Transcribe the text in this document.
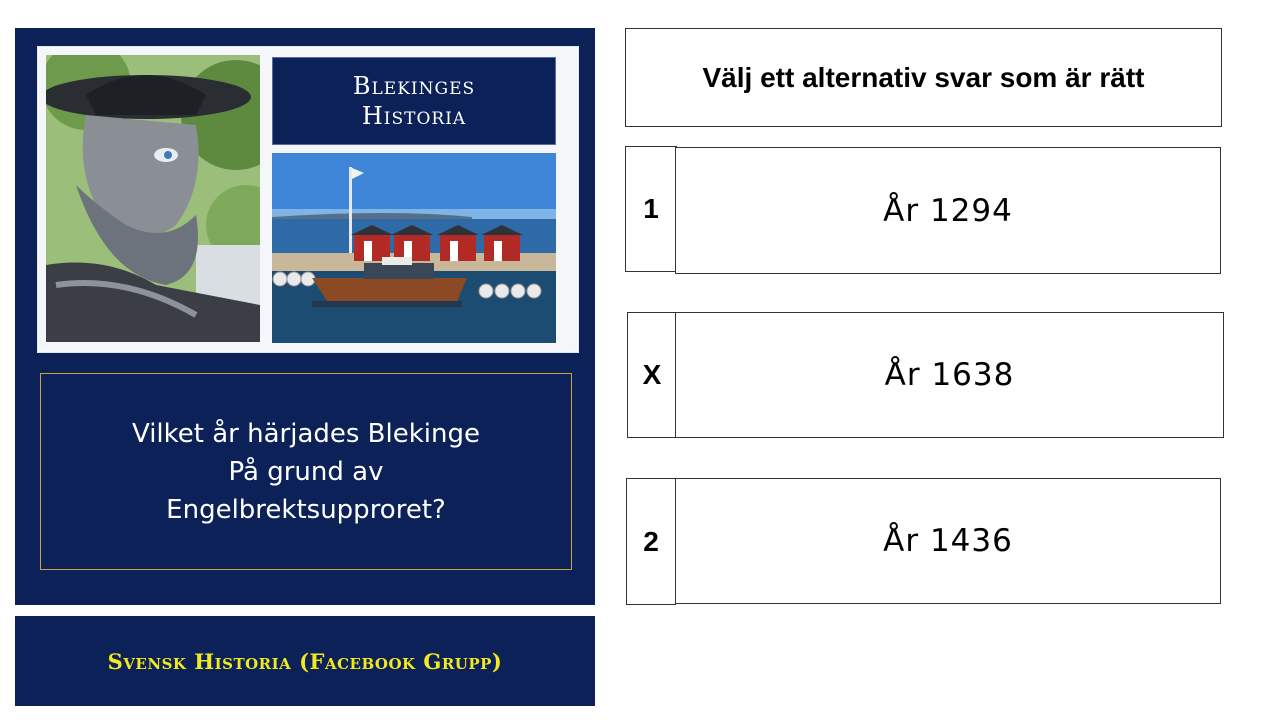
Blekinges
Historia
Vilket år härjades Blekinge
På grund av
Engelbrektsupproret?
Svensk Historia (Facebook Grupp)
Välj ett alternativ svar som är rätt
1	År 1294
X	År 1638
2	År 1436
